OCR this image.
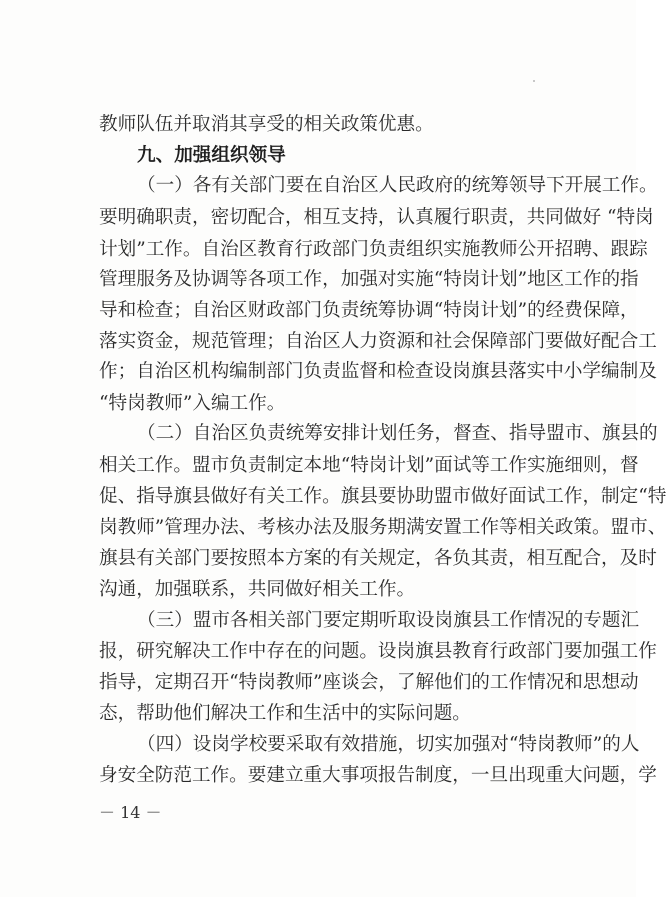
教师队伍并取消其享受的相关政策优惠。
九、加强组织领导
（一）各有关部门要在自治区人民政府的统筹领导下开展工作。
要明确职责，密切配合，相互支持，认真履行职责，共同做好 “特岗
计划”工作。自治区教育行政部门负责组织实施教师公开招聘、跟踪
管理服务及协调等各项工作，加强对实施“特岗计划”地区工作的指
导和检查；自治区财政部门负责统筹协调“特岗计划”的经费保障，
落实资金，规范管理；自治区人力资源和社会保障部门要做好配合工
作；自治区机构编制部门负责监督和检查设岗旗县落实中小学编制及
“特岗教师”入编工作。
（二）自治区负责统筹安排计划任务，督查、指导盟市、旗县的
相关工作。盟市负责制定本地“特岗计划”面试等工作实施细则，督
促、指导旗县做好有关工作。旗县要协助盟市做好面试工作，制定“特
岗教师”管理办法、考核办法及服务期满安置工作等相关政策。盟市、
旗县有关部门要按照本方案的有关规定，各负其责，相互配合，及时
沟通，加强联系，共同做好相关工作。
（三）盟市各相关部门要定期听取设岗旗县工作情况的专题汇
报，研究解决工作中存在的问题。设岗旗县教育行政部门要加强工作
指导，定期召开“特岗教师”座谈会，了解他们的工作情况和思想动
态，帮助他们解决工作和生活中的实际问题。
（四）设岗学校要采取有效措施，切实加强对“特岗教师”的人
身安全防范工作。要建立重大事项报告制度，一旦出现重大问题，学
－ 14 －
